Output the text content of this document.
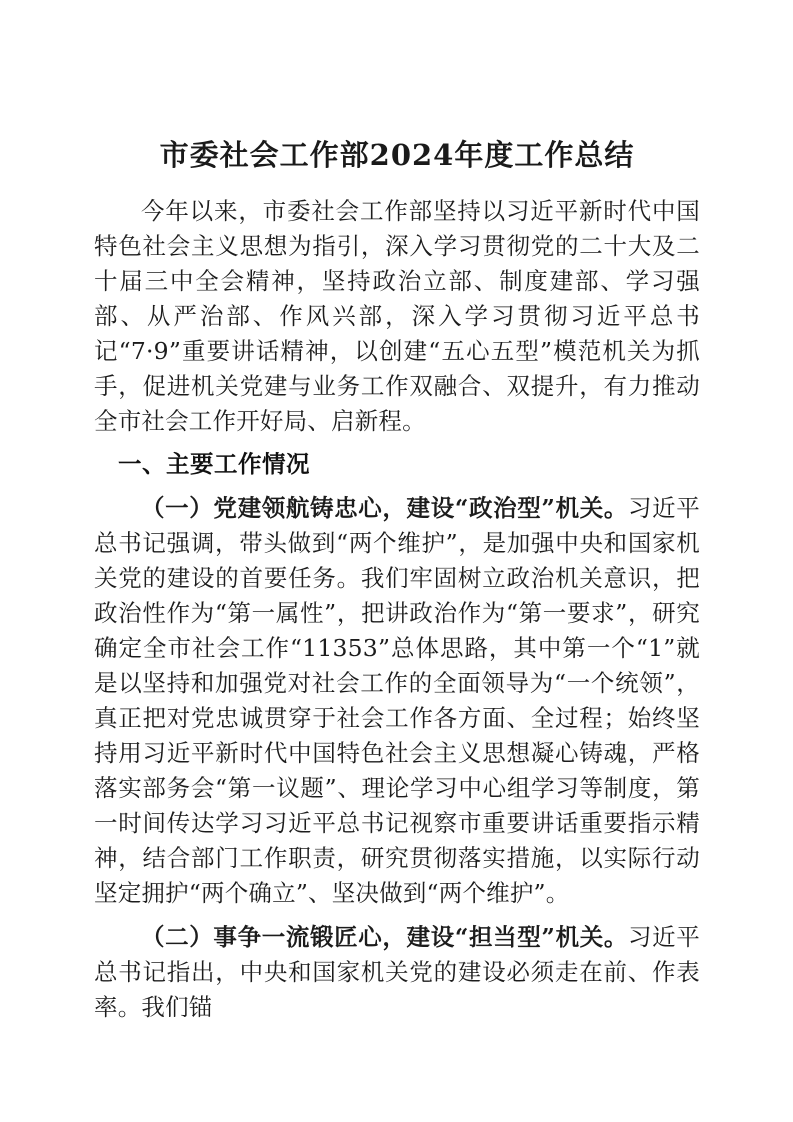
市委社会工作部2024年度工作总结

今年以来，市委社会工作部坚持以习近平新时代中国特色社会主义思想为指引，深入学习贯彻党的二十大及二十届三中全会精神，坚持政治立部、制度建部、学习强部、从严治部、作风兴部，深入学习贯彻习近平总书记“7·9”重要讲话精神，以创建“五心五型”模范机关为抓手，促进机关党建与业务工作双融合、双提升，有力推动全市社会工作开好局、启新程。

一、主要工作情况

（一）党建领航铸忠心，建设“政治型”机关。习近平总书记强调，带头做到“两个维护”，是加强中央和国家机关党的建设的首要任务。我们牢固树立政治机关意识，把政治性作为“第一属性”，把讲政治作为“第一要求”，研究确定全市社会工作“11353”总体思路，其中第一个“1”就是以坚持和加强党对社会工作的全面领导为“一个统领”，真正把对党忠诚贯穿于社会工作各方面、全过程；始终坚持用习近平新时代中国特色社会主义思想凝心铸魂，严格落实部务会“第一议题”、理论学习中心组学习等制度，第一时间传达学习习近平总书记视察市重要讲话重要指示精神，结合部门工作职责，研究贯彻落实措施，以实际行动坚定拥护“两个确立”、坚决做到“两个维护”。

（二）事争一流锻匠心，建设“担当型”机关。习近平总书记指出，中央和国家机关党的建设必须走在前、作表率。我们锚
